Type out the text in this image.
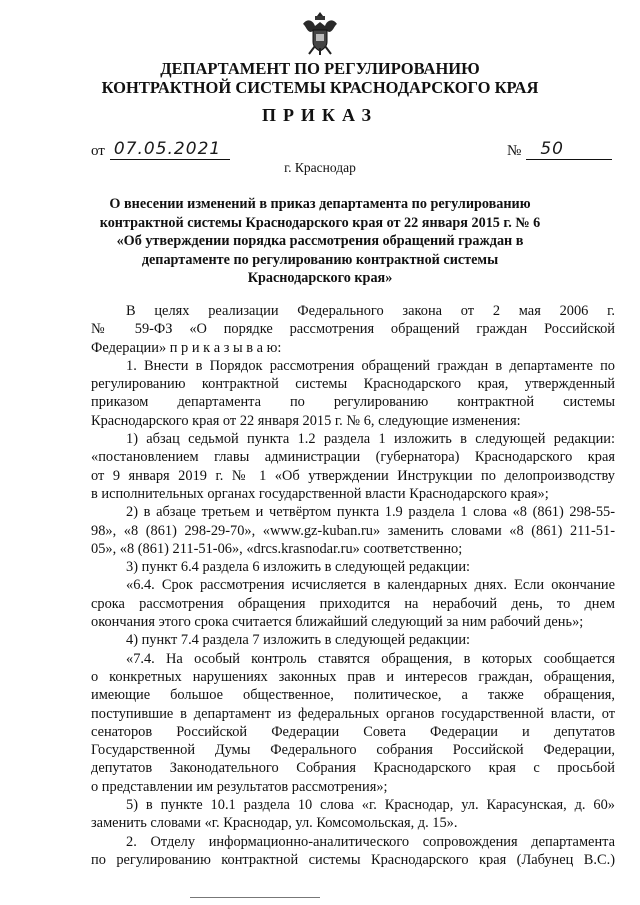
ДЕПАРТАМЕНТ ПО РЕГУЛИРОВАНИЮ
КОНТРАКТНОЙ СИСТЕМЫ КРАСНОДАРСКОГО КРАЯ
ПРИКАЗ
от 07.05.2021	№	50
г. Краснодар
О внесении изменений в приказ департамента по регулированию
контрактной системы Краснодарского края от 22 января 2015 г. № 6
«Об утверждении порядка рассмотрения обращений граждан в
департаменте по регулированию контрактной системы
Краснодарского края»
В целях реализации Федерального закона от 2 мая 2006 г.
№ 59-ФЗ «О порядке рассмотрения обращений граждан Российской
Федерации» п р и к а з ы в а ю:
1. Внести в Порядок рассмотрения обращений граждан в департаменте по
регулированию контрактной системы Краснодарского края, утвержденный
приказом департамента по регулированию контрактной системы
Краснодарского края от 22 января 2015 г. № 6, следующие изменения:
1) абзац седьмой пункта 1.2 раздела 1 изложить в следующей редакции:
«постановлением главы администрации (губернатора) Краснодарского края
от 9 января 2019 г. № 1 «Об утверждении Инструкции по делопроизводству
в исполнительных органах государственной власти Краснодарского края»;
2) в абзаце третьем и четвёртом пункта 1.9 раздела 1 слова «8 (861) 298-55-
98», «8 (861) 298-29-70», «www.gz-kuban.ru» заменить словами «8 (861) 211-51-
05», «8 (861) 211-51-06», «drcs.krasnodar.ru» соответственно;
3) пункт 6.4 раздела 6 изложить в следующей редакции:
«6.4. Срок рассмотрения исчисляется в календарных днях. Если окончание
срока рассмотрения обращения приходится на нерабочий день, то днем
окончания этого срока считается ближайший следующий за ним рабочий день»;
4) пункт 7.4 раздела 7 изложить в следующей редакции:
«7.4. На особый контроль ставятся обращения, в которых сообщается
о конкретных нарушениях законных прав и интересов граждан, обращения,
имеющие большое общественное, политическое, а также обращения,
поступившие в департамент из федеральных органов государственной власти, от
сенаторов Российской Федерации Совета Федерации и депутатов
Государственной Думы Федерального собрания Российской Федерации,
депутатов Законодательного Собрания Краснодарского края с просьбой
о представлении им результатов рассмотрения»;
5) в пункте 10.1 раздела 10 слова «г. Краснодар, ул. Карасунская, д. 60»
заменить словами «г. Краснодар, ул. Комсомольская, д. 15».
2. Отделу информационно-аналитического сопровождения департамента
по регулированию контрактной системы Краснодарского края (Лабунец В.С.)
